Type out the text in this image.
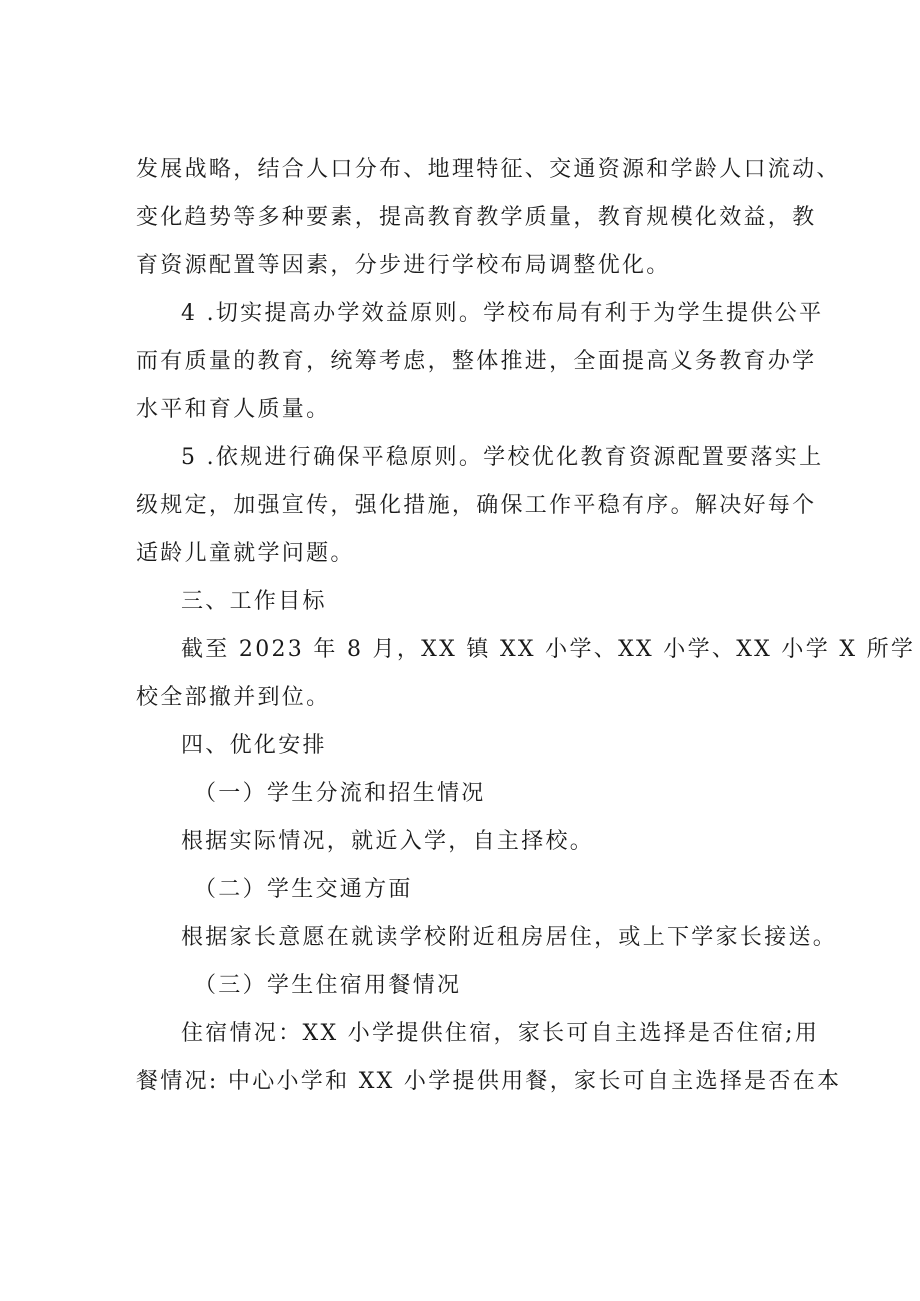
发展战略，结合人口分布、地理特征、交通资源和学龄人口流动、
变化趋势等多种要素，提高教育教学质量，教育规模化效益，教
育资源配置等因素，分步进行学校布局调整优化。
4 .切实提高办学效益原则。学校布局有利于为学生提供公平
而有质量的教育，统筹考虑，整体推进，全面提高义务教育办学
水平和育人质量。
5 .依规进行确保平稳原则。学校优化教育资源配置要落实上
级规定，加强宣传，强化措施，确保工作平稳有序。解决好每个
适龄儿童就学问题。
三、工作目标
截至 2023 年 8 月，XX 镇 XX 小学、XX 小学、XX 小学 X 所学
校全部撤并到位。
四、优化安排
（一）学生分流和招生情况
根据实际情况，就近入学，自主择校。
（二）学生交通方面
根据家长意愿在就读学校附近租房居住，或上下学家长接送。
（三）学生住宿用餐情况
住宿情况：XX 小学提供住宿，家长可自主选择是否住宿;用
餐情况: 中心小学和 XX 小学提供用餐，家长可自主选择是否在本
